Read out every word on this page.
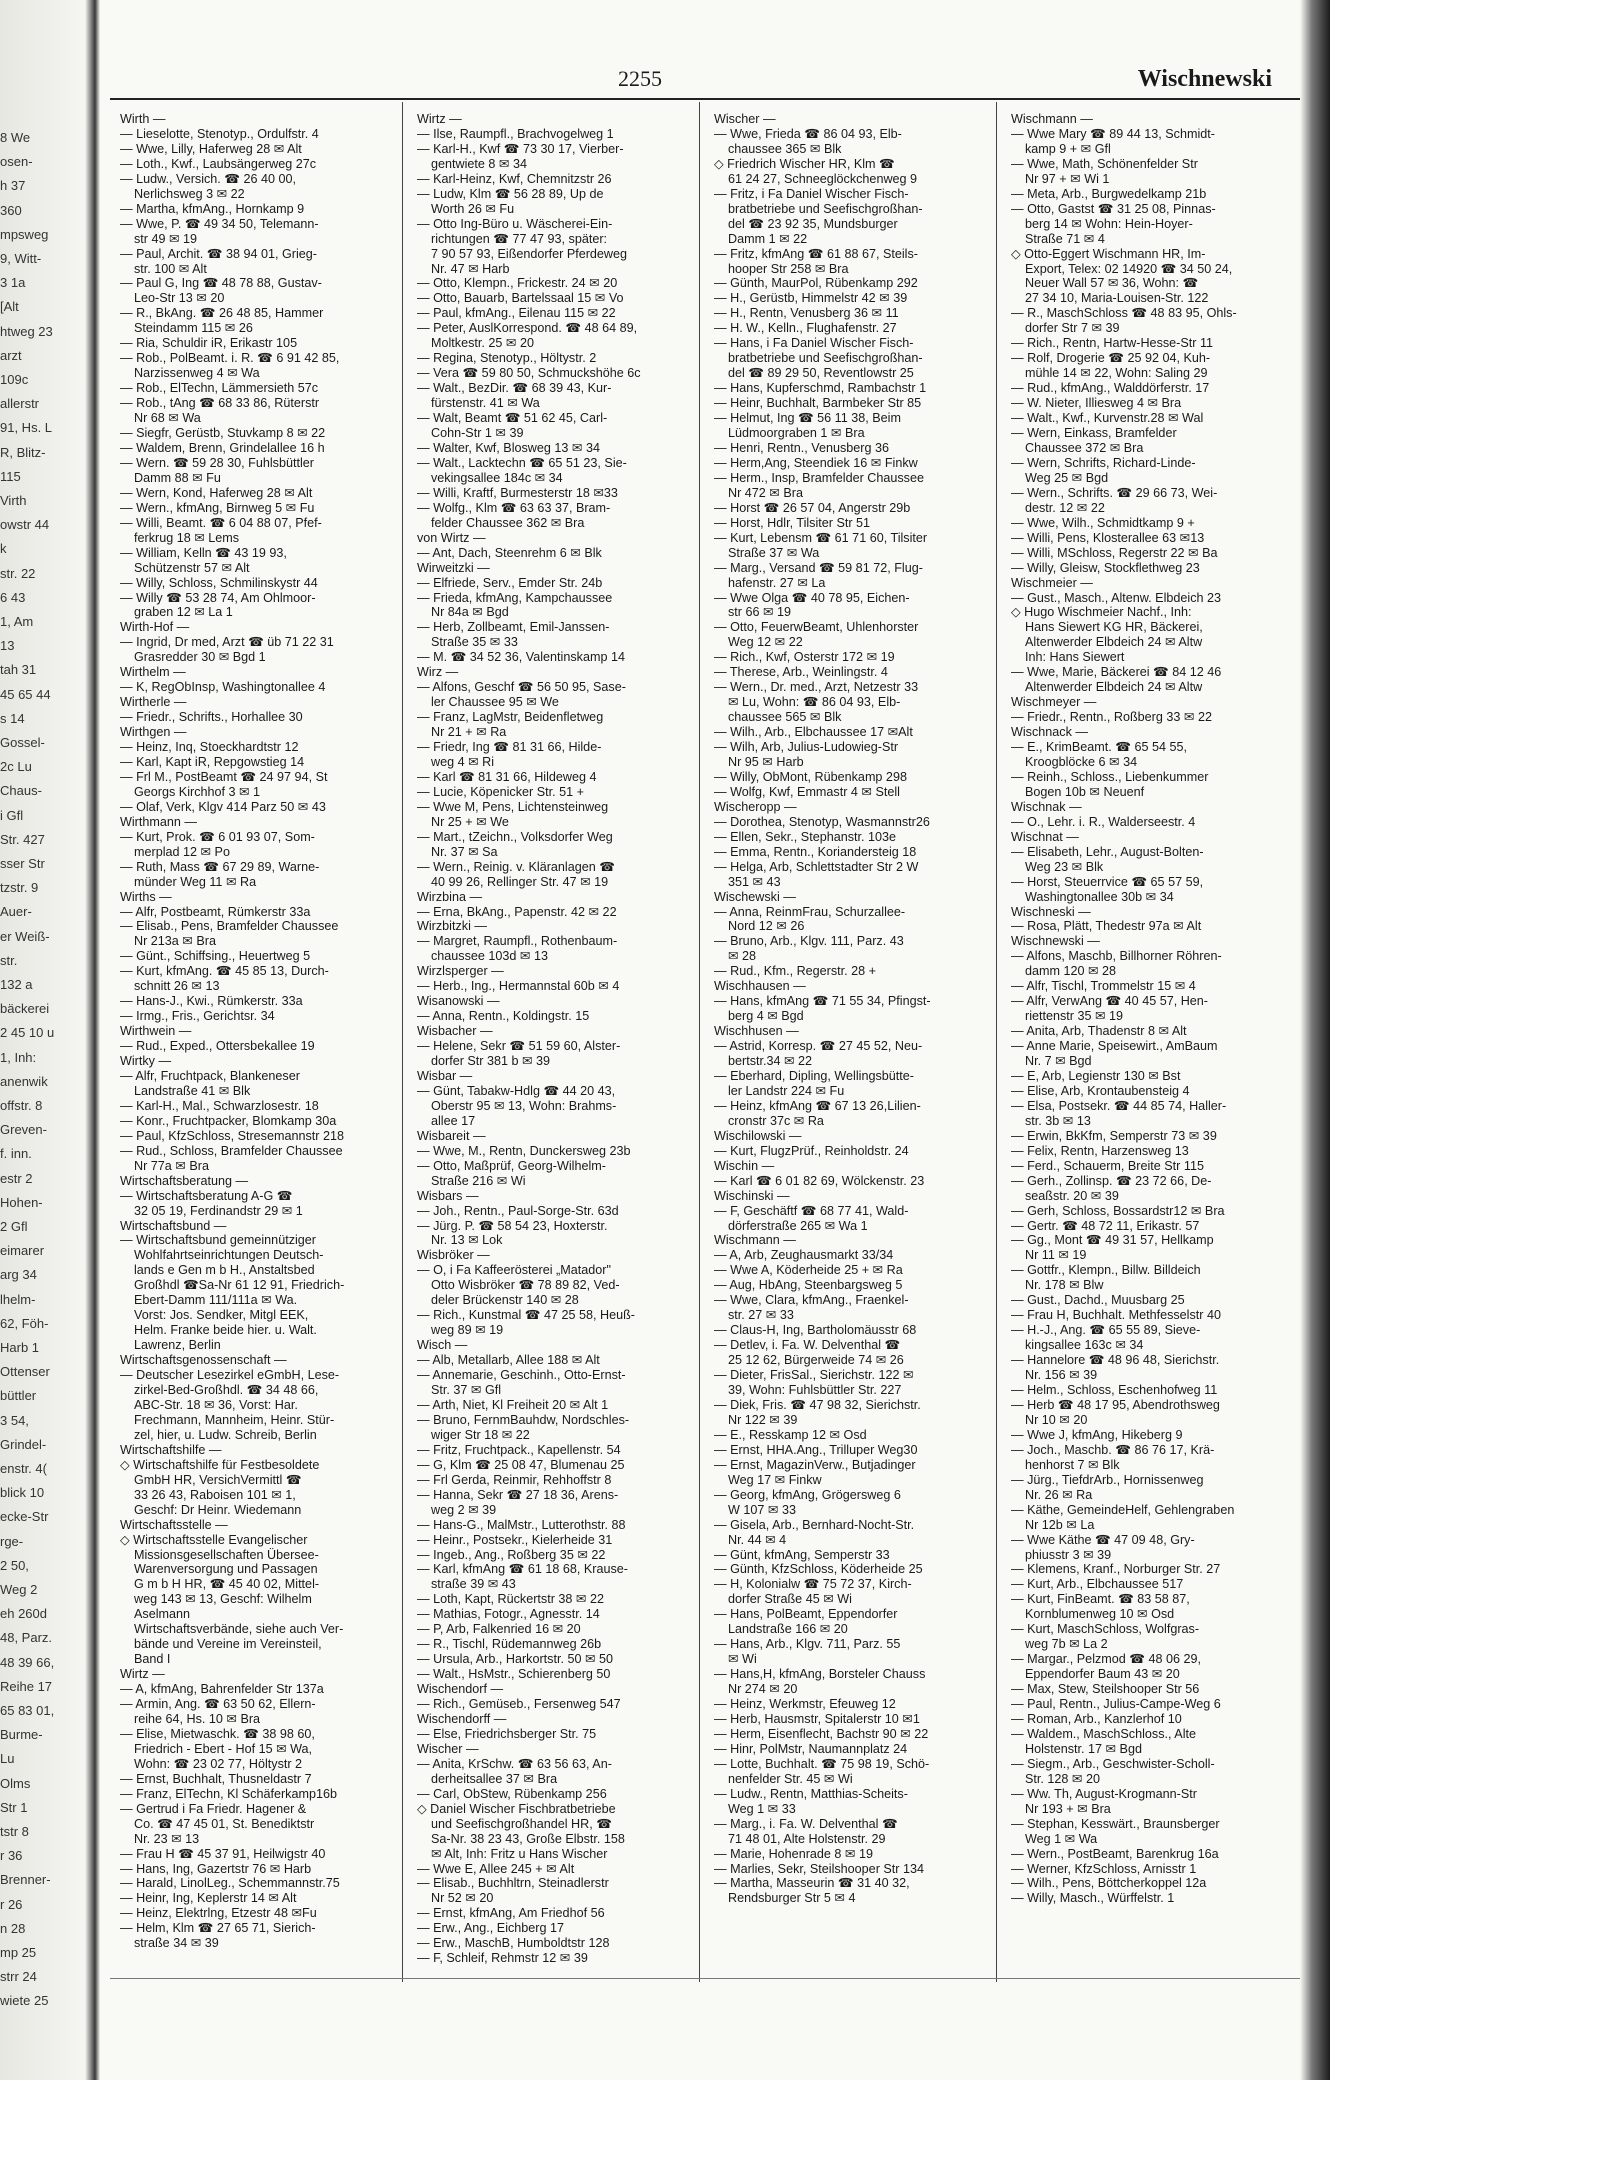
8 We
osen-
h 37
360
mpsweg
9, Witt-
3 1a
[Alt
htweg 23
arzt
109c
allerstr
91, Hs. L
R, Blitz-
115
Virth
owstr 44
k
str. 22
6 43
1, Am
13
tah 31
45 65 44
s 14
Gossel-
2c Lu
Chaus-
i Gfl
Str. 427
sser Str
tzstr. 9
Auer-
er Weiß-
str.
132 a
bäckerei
2 45 10 u
1, Inh:
anenwik
offstr. 8
Greven-
f. inn.
estr 2
Hohen-
2 Gfl
eimarer
arg 34
lhelm-
62, Föh-
Harb 1
Ottenser
büttler
3 54,
Grindel-
enstr. 4(
blick 10
ecke-Str
rge-
2 50,
Weg 2
eh 260d
48, Parz.
48 39 66,
Reihe 17
65 83 01,
Burme-
Lu
Olms
Str 1
tstr 8
r 36
Brenner-
r 26
n 28
mp 25
strr 24
wiete 25
2255	Wischnewski
Wirth —
— Lieselotte, Stenotyp., Ordulfstr. 4
— Wwe, Lilly, Haferweg 28 ✉ Alt
— Loth., Kwf., Laubsängerweg 27c
— Ludw., Versich. ☎ 26 40 00,
Nerlichsweg 3 ✉ 22
— Martha, kfmAng., Hornkamp 9
— Wwe, P. ☎ 49 34 50, Telemann-
str 49 ✉ 19
— Paul, Archit. ☎ 38 94 01, Grieg-
str. 100 ✉ Alt
— Paul G, Ing ☎ 48 78 88, Gustav-
Leo-Str 13 ✉ 20
— R., BkAng. ☎ 26 48 85, Hammer
Steindamm 115 ✉ 26
— Ria, Schuldir iR, Erikastr 105
— Rob., PolBeamt. i. R. ☎ 6 91 42 85,
Narzissenweg 4 ✉ Wa
— Rob., ElTechn, Lämmersieth 57c
— Rob., tAng ☎ 68 33 86, Rüterstr
Nr 68 ✉ Wa
— Siegfr, Gerüstb, Stuvkamp 8 ✉ 22
— Waldem, Brenn, Grindelallee 16 h
— Wern. ☎ 59 28 30, Fuhlsbüttler
Damm 88 ✉ Fu
— Wern, Kond, Haferweg 28 ✉ Alt
— Wern., kfmAng, Birnweg 5 ✉ Fu
— Willi, Beamt. ☎ 6 04 88 07, Pfef-
ferkrug 18 ✉ Lems
— William, Kelln ☎ 43 19 93,
Schützenstr 57 ✉ Alt
— Willy, Schloss, Schmilinskystr 44
— Willy ☎ 53 28 74, Am Ohlmoor-
graben 12 ✉ La 1
Wirth-Hof —
— Ingrid, Dr med, Arzt ☎ üb 71 22 31
Grasredder 30 ✉ Bgd 1
Wirthelm —
— K, RegObInsp, Washingtonallee 4
Wirtherle —
— Friedr., Schrifts., Horhallee 30
Wirthgen —
— Heinz, Inq, Stoeckhardtstr 12
— Karl, Kapt iR, Repgowstieg 14
— Frl M., PostBeamt ☎ 24 97 94, St
Georgs Kirchhof 3 ✉ 1
— Olaf, Verk, Klgv 414 Parz 50 ✉ 43
Wirthmann —
— Kurt, Prok. ☎ 6 01 93 07, Som-
merplad 12 ✉ Po
— Ruth, Mass ☎ 67 29 89, Warne-
münder Weg 11 ✉ Ra
Wirths —
— Alfr, Postbeamt, Rümkerstr 33a
— Elisab., Pens, Bramfelder Chaussee
Nr 213a ✉ Bra
— Günt., Schiffsing., Heuertweg 5
— Kurt, kfmAng. ☎ 45 85 13, Durch-
schnitt 26 ✉ 13
— Hans-J., Kwi., Rümkerstr. 33a
— Irmg., Fris., Gerichtsr. 34
Wirthwein —
— Rud., Exped., Ottersbekallee 19
Wirtky —
— Alfr, Fruchtpack, Blankeneser
Landstraße 41 ✉ Blk
— Karl-H., Mal., Schwarzlosestr. 18
— Konr., Fruchtpacker, Blomkamp 30a
— Paul, KfzSchloss, Stresemannstr 218
— Rud., Schloss, Bramfelder Chaussee
Nr 77a ✉ Bra
Wirtschaftsberatung —
— Wirtschaftsberatung A-G ☎
32 05 19, Ferdinandstr 29 ✉ 1
Wirtschaftsbund —
— Wirtschaftsbund gemeinnütziger
Wohlfahrtseinrichtungen Deutsch-
lands e Gen m b H., Anstaltsbed
Großhdl ☎Sa-Nr 61 12 91, Friedrich-
Ebert-Damm 111/111a ✉ Wa.
Vorst: Jos. Sendker, Mitgl EEK,
Helm. Franke beide hier. u. Walt.
Lawrenz, Berlin
Wirtschaftsgenossenschaft —
— Deutscher Lesezirkel eGmbH, Lese-
zirkel-Bed-Großhdl. ☎ 34 48 66,
ABC-Str. 18 ✉ 36, Vorst: Har.
Frechmann, Mannheim, Heinr. Stür-
zel, hier, u. Ludw. Schreib, Berlin
Wirtschaftshilfe —
◇ Wirtschaftshilfe für Festbesoldete
GmbH HR, VersichVermittl ☎
33 26 43, Raboisen 101 ✉ 1,
Geschf: Dr Heinr. Wiedemann
Wirtschaftsstelle —
◇ Wirtschaftsstelle Evangelischer
Missionsgesellschaften Übersee-
Warenversorgung und Passagen
G m b H HR, ☎ 45 40 02, Mittel-
weg 143 ✉ 13, Geschf: Wilhelm
Aselmann
Wirtschaftsverbände, siehe auch Ver-
bände und Vereine im Vereinsteil,
Band I
Wirtz —
— A, kfmAng, Bahrenfelder Str 137a
— Armin, Ang. ☎ 63 50 62, Ellern-
reihe 64, Hs. 10 ✉ Bra
— Elise, Mietwaschk. ☎ 38 98 60,
Friedrich - Ebert - Hof 15 ✉ Wa,
Wohn: ☎ 23 02 77, Höltystr 2
— Ernst, Buchhalt, Thusneldastr 7
— Franz, ElTechn, Kl Schäferkamp16b
— Gertrud i Fa Friedr. Hagener &
Co. ☎ 47 45 01, St. Benediktstr
Nr. 23 ✉ 13
— Frau H ☎ 45 37 91, Heilwigstr 40
— Hans, Ing, Gazertstr 76 ✉ Harb
— Harald, LinolLeg., Schemmannstr.75
— Heinr, Ing, Keplerstr 14 ✉ Alt
— Heinz, Elektrlng, Etzestr 48 ✉Fu
— Helm, Klm ☎ 27 65 71, Sierich-
straße 34 ✉ 39
Wirtz —
— Ilse, Raumpfl., Brachvogelweg 1
— Karl-H., Kwf ☎ 73 30 17, Vierber-
gentwiete 8 ✉ 34
— Karl-Heinz, Kwf, Chemnitzstr 26
— Ludw, Klm ☎ 56 28 89, Up de
Worth 26 ✉ Fu
— Otto Ing-Büro u. Wäscherei-Ein-
richtungen ☎ 77 47 93, später:
7 90 57 93, Eißendorfer Pferdeweg
Nr. 47 ✉ Harb
— Otto, Klempn., Frickestr. 24 ✉ 20
— Otto, Bauarb, Bartelssaal 15 ✉ Vo
— Paul, kfmAng., Eilenau 115 ✉ 22
— Peter, AuslKorrespond. ☎ 48 64 89,
Moltkestr. 25 ✉ 20
— Regina, Stenotyp., Höltystr. 2
— Vera ☎ 59 80 50, Schmuckshöhe 6c
— Walt., BezDir. ☎ 68 39 43, Kur-
fürstenstr. 41 ✉ Wa
— Walt, Beamt ☎ 51 62 45, Carl-
Cohn-Str 1 ✉ 39
— Walter, Kwf, Blosweg 13 ✉ 34
— Walt., Lacktechn ☎ 65 51 23, Sie-
vekingsallee 184c ✉ 34
— Willi, Kraftf, Burmesterstr 18 ✉33
— Wolfg., Klm ☎ 63 63 37, Bram-
felder Chaussee 362 ✉ Bra
von Wirtz —
— Ant, Dach, Steenrehm 6 ✉ Blk
Wirweitzki —
— Elfriede, Serv., Emder Str. 24b
— Frieda, kfmAng, Kampchaussee
Nr 84a ✉ Bgd
— Herb, Zollbeamt, Emil-Janssen-
Straße 35 ✉ 33
— M. ☎ 34 52 36, Valentinskamp 14
Wirz —
— Alfons, Geschf ☎ 56 50 95, Sase-
ler Chaussee 95 ✉ We
— Franz, LagMstr, Beidenfletweg
Nr 21 + ✉ Ra
— Friedr, Ing ☎ 81 31 66, Hilde-
weg 4 ✉ Ri
— Karl ☎ 81 31 66, Hildeweg 4
— Lucie, Köpenicker Str. 51 +
— Wwe M, Pens, Lichtensteinweg
Nr 25 + ✉ We
— Mart., tZeichn., Volksdorfer Weg
Nr. 37 ✉ Sa
— Wern., Reinig. v. Kläranlagen ☎
40 99 26, Rellinger Str. 47 ✉ 19
Wirzbina —
— Erna, BkAng., Papenstr. 42 ✉ 22
Wirzbitzki —
— Margret, Raumpfl., Rothenbaum-
chaussee 103d ✉ 13
Wirzlsperger —
— Herb., Ing., Hermannstal 60b ✉ 4
Wisanowski —
— Anna, Rentn., Koldingstr. 15
Wisbacher —
— Helene, Sekr ☎ 51 59 60, Alster-
dorfer Str 381 b ✉ 39
Wisbar —
— Günt, Tabakw-Hdlg ☎ 44 20 43,
Oberstr 95 ✉ 13, Wohn: Brahms-
allee 17
Wisbareit —
— Wwe, M., Rentn, Dunckersweg 23b
— Otto, Maßprüf, Georg-Wilhelm-
Straße 216 ✉ Wi
Wisbars —
— Joh., Rentn., Paul-Sorge-Str. 63d
— Jürg. P. ☎ 58 54 23, Hoxterstr.
Nr. 13 ✉ Lok
Wisbröker —
— O, i Fa Kaffeerösterei „Matador"
Otto Wisbröker ☎ 78 89 82, Ved-
deler Brückenstr 140 ✉ 28
— Rich., Kunstmal ☎ 47 25 58, Heuß-
weg 89 ✉ 19
Wisch —
— Alb, Metallarb, Allee 188 ✉ Alt
— Annemarie, Geschinh., Otto-Ernst-
Str. 37 ✉ Gfl
— Arth, Niet, Kl Freiheit 20 ✉ Alt 1
— Bruno, FernmBauhdw, Nordschles-
wiger Str 18 ✉ 22
— Fritz, Fruchtpack., Kapellenstr. 54
— G, Klm ☎ 25 08 47, Blumenau 25
— Frl Gerda, Reinmir, Rehhoffstr 8
— Hanna, Sekr ☎ 27 18 36, Arens-
weg 2 ✉ 39
— Hans-G., MalMstr., Lutterothstr. 88
— Heinr., Postsekr., Kielerheide 31
— Ingeb., Ang., Roßberg 35 ✉ 22
— Karl, kfmAng ☎ 61 18 68, Krause-
straße 39 ✉ 43
— Loth, Kapt, Rückertstr 38 ✉ 22
— Mathias, Fotogr., Agnesstr. 14
— P, Arb, Falkenried 16 ✉ 20
— R., Tischl, Rüdemannweg 26b
— Ursula, Arb., Harkortstr. 50 ✉ 50
— Walt., HsMstr., Schierenberg 50
Wischendorf —
— Rich., Gemüseb., Fersenweg 547
Wischendorff —
— Else, Friedrichsberger Str. 75
Wischer —
— Anita, KrSchw. ☎ 63 56 63, An-
derheitsallee 37 ✉ Bra
— Carl, ObStew, Rübenkamp 256
◇ Daniel Wischer Fischbratbetriebe
und Seefischgroßhandel HR, ☎
Sa-Nr. 38 23 43, Große Elbstr. 158
✉ Alt, Inh: Fritz u Hans Wischer
— Wwe E, Allee 245 + ✉ Alt
— Elisab., Buchhltrn, Steinadlerstr
Nr 52 ✉ 20
— Ernst, kfmAng, Am Friedhof 56
— Erw., Ang., Eichberg 17
— Erw., MaschB, Humboldtstr 128
— F, Schleif, Rehmstr 12 ✉ 39
Wischer —
— Wwe, Frieda ☎ 86 04 93, Elb-
chaussee 365 ✉ Blk
◇ Friedrich Wischer HR, Klm ☎
61 24 27, Schneeglöckchenweg 9
— Fritz, i Fa Daniel Wischer Fisch-
bratbetriebe und Seefischgroßhan-
del ☎ 23 92 35, Mundsburger
Damm 1 ✉ 22
— Fritz, kfmAng ☎ 61 88 67, Steils-
hooper Str 258 ✉ Bra
— Günth, MaurPol, Rübenkamp 292
— H., Gerüstb, Himmelstr 42 ✉ 39
— H., Rentn, Venusberg 36 ✉ 11
— H. W., Kelln., Flughafenstr. 27
— Hans, i Fa Daniel Wischer Fisch-
bratbetriebe und Seefischgroßhan-
del ☎ 89 29 50, Reventlowstr 25
— Hans, Kupferschmd, Rambachstr 1
— Heinr, Buchhalt, Barmbeker Str 85
— Helmut, Ing ☎ 56 11 38, Beim
Lüdmoorgraben 1 ✉ Bra
— Henri, Rentn., Venusberg 36
— Herm,Ang, Steendiek 16 ✉ Finkw
— Herm., Insp, Bramfelder Chaussee
Nr 472 ✉ Bra
— Horst ☎ 26 57 04, Angerstr 29b
— Horst, Hdlr, Tilsiter Str 51
— Kurt, Lebensm ☎ 61 71 60, Tilsiter
Straße 37 ✉ Wa
— Marg., Versand ☎ 59 81 72, Flug-
hafenstr. 27 ✉ La
— Wwe Olga ☎ 40 78 95, Eichen-
str 66 ✉ 19
— Otto, FeuerwBeamt, Uhlenhorster
Weg 12 ✉ 22
— Rich., Kwf, Osterstr 172 ✉ 19
— Therese, Arb., Weinlingstr. 4
— Wern., Dr. med., Arzt, Netzestr 33
✉ Lu, Wohn: ☎ 86 04 93, Elb-
chaussee 565 ✉ Blk
— Wilh., Arb., Elbchaussee 17 ✉Alt
— Wilh, Arb, Julius-Ludowieg-Str
Nr 95 ✉ Harb
— Willy, ObMont, Rübenkamp 298
— Wolfg, Kwf, Emmastr 4 ✉ Stell
Wischeropp —
— Dorothea, Stenotyp, Wasmannstr26
— Ellen, Sekr., Stephanstr. 103e
— Emma, Rentn., Koriandersteig 18
— Helga, Arb, Schlettstadter Str 2 W
351 ✉ 43
Wischewski —
— Anna, ReinmFrau, Schurzallee-
Nord 12 ✉ 26
— Bruno, Arb., Klgv. 111, Parz. 43
✉ 28
— Rud., Kfm., Regerstr. 28 +
Wischhausen —
— Hans, kfmAng ☎ 71 55 34, Pfingst-
berg 4 ✉ Bgd
Wischhusen —
— Astrid, Korresp. ☎ 27 45 52, Neu-
bertstr.34 ✉ 22
— Eberhard, Dipling, Wellingsbütte-
ler Landstr 224 ✉ Fu
— Heinz, kfmAng ☎ 67 13 26,Lilien-
cronstr 37c ✉ Ra
Wischilowski —
— Kurt, FlugzPrüf., Reinholdstr. 24
Wischin —
— Karl ☎ 6 01 82 69, Wölckenstr. 23
Wischinski —
— F, Geschäftf ☎ 68 77 41, Wald-
dörferstraße 265 ✉ Wa 1
Wischmann —
— A, Arb, Zeughausmarkt 33/34
— Wwe A, Köderheide 25 + ✉ Ra
— Aug, HbAng, Steenbargsweg 5
— Wwe, Clara, kfmAng., Fraenkel-
str. 27 ✉ 33
— Claus-H, Ing, Bartholomäusstr 68
— Detlev, i. Fa. W. Delventhal ☎
25 12 62, Bürgerweide 74 ✉ 26
— Dieter, FrisSal., Sierichstr. 122 ✉
39, Wohn: Fuhlsbüttler Str. 227
— Diek, Fris. ☎ 47 98 32, Sierichstr.
Nr 122 ✉ 39
— E., Resskamp 12 ✉ Osd
— Ernst, HHA.Ang., Trilluper Weg30
— Ernst, MagazinVerw., Butjadinger
Weg 17 ✉ Finkw
— Georg, kfmAng, Grögersweg 6
W 107 ✉ 33
— Gisela, Arb., Bernhard-Nocht-Str.
Nr. 44 ✉ 4
— Günt, kfmAng, Semperstr 33
— Günth, KfzSchloss, Köderheide 25
— H, Kolonialw ☎ 75 72 37, Kirch-
dorfer Straße 45 ✉ Wi
— Hans, PolBeamt, Eppendorfer
Landstraße 166 ✉ 20
— Hans, Arb., Klgv. 711, Parz. 55
✉ Wi
— Hans,H, kfmAng, Borsteler Chauss
Nr 274 ✉ 20
— Heinz, Werkmstr, Efeuweg 12
— Herb, Hausmstr, Spitalerstr 10 ✉1
— Herm, Eisenflecht, Bachstr 90 ✉ 22
— Hinr, PolMstr, Naumannplatz 24
— Lotte, Buchhalt. ☎ 75 98 19, Schö-
nenfelder Str. 45 ✉ Wi
— Ludw., Rentn, Matthias-Scheits-
Weg 1 ✉ 33
— Marg., i. Fa. W. Delventhal ☎
71 48 01, Alte Holstenstr. 29
— Marie, Hohenrade 8 ✉ 19
— Marlies, Sekr, Steilshooper Str 134
— Martha, Masseurin ☎ 31 40 32,
Rendsburger Str 5 ✉ 4
Wischmann —
— Wwe Mary ☎ 89 44 13, Schmidt-
kamp 9 + ✉ Gfl
— Wwe, Math, Schönenfelder Str
Nr 97 + ✉ Wi 1
— Meta, Arb., Burgwedelkamp 21b
— Otto, Gastst ☎ 31 25 08, Pinnas-
berg 14 ✉ Wohn: Hein-Hoyer-
Straße 71 ✉ 4
◇ Otto-Eggert Wischmann HR, Im-
Export, Telex: 02 14920 ☎ 34 50 24,
Neuer Wall 57 ✉ 36, Wohn: ☎
27 34 10, Maria-Louisen-Str. 122
— R., MaschSchloss ☎ 48 83 95, Ohls-
dorfer Str 7 ✉ 39
— Rich., Rentn, Hartw-Hesse-Str 11
— Rolf, Drogerie ☎ 25 92 04, Kuh-
mühle 14 ✉ 22, Wohn: Saling 29
— Rud., kfmAng., Walddörferstr. 17
— W. Nieter, Illiesweg 4 ✉ Bra
— Walt., Kwf., Kurvenstr.28 ✉ Wal
— Wern, Einkass, Bramfelder
Chaussee 372 ✉ Bra
— Wern, Schrifts, Richard-Linde-
Weg 25 ✉ Bgd
— Wern., Schrifts. ☎ 29 66 73, Wei-
destr. 12 ✉ 22
— Wwe, Wilh., Schmidtkamp 9 +
— Willi, Pens, Klosterallee 63 ✉13
— Willi, MSchloss, Regerstr 22 ✉ Ba
— Willy, Gleisw, Stockflethweg 23
Wischmeier —
— Gust., Masch., Altenw. Elbdeich 23
◇ Hugo Wischmeier Nachf., Inh:
Hans Siewert KG HR, Bäckerei,
Altenwerder Elbdeich 24 ✉ Altw
Inh: Hans Siewert
— Wwe, Marie, Bäckerei ☎ 84 12 46
Altenwerder Elbdeich 24 ✉ Altw
Wischmeyer —
— Friedr., Rentn., Roßberg 33 ✉ 22
Wischnack —
— E., KrimBeamt. ☎ 65 54 55,
Kroogblöcke 6 ✉ 34
— Reinh., Schloss., Liebenkummer
Bogen 10b ✉ Neuenf
Wischnak —
— O., Lehr. i. R., Walderseestr. 4
Wischnat —
— Elisabeth, Lehr., August-Bolten-
Weg 23 ✉ Blk
— Horst, Steuerrvice ☎ 65 57 59,
Washingtonallee 30b ✉ 34
Wischneski —
— Rosa, Plätt, Thedestr 97a ✉ Alt
Wischnewski —
— Alfons, Maschb, Billhorner Röhren-
damm 120 ✉ 28
— Alfr, Tischl, Trommelstr 15 ✉ 4
— Alfr, VerwAng ☎ 40 45 57, Hen-
riettenstr 35 ✉ 19
— Anita, Arb, Thadenstr 8 ✉ Alt
— Anne Marie, Speisewirt., AmBaum
Nr. 7 ✉ Bgd
— E, Arb, Legienstr 130 ✉ Bst
— Elise, Arb, Krontaubensteig 4
— Elsa, Postsekr. ☎ 44 85 74, Haller-
str. 3b ✉ 13
— Erwin, BkKfm, Semperstr 73 ✉ 39
— Felix, Rentn, Harzensweg 13
— Ferd., Schauerm, Breite Str 115
— Gerh., Zollinsp. ☎ 23 72 66, De-
seaßstr. 20 ✉ 39
— Gerh, Schloss, Bossardstr12 ✉ Bra
— Gertr. ☎ 48 72 11, Erikastr. 57
— Gg., Mont ☎ 49 31 57, Hellkamp
Nr 11 ✉ 19
— Gottfr., Klempn., Billw. Billdeich
Nr. 178 ✉ Blw
— Gust., Dachd., Muusbarg 25
— Frau H, Buchhalt. Methfesselstr 40
— H.-J., Ang. ☎ 65 55 89, Sieve-
kingsallee 163c ✉ 34
— Hannelore ☎ 48 96 48, Sierichstr.
Nr. 156 ✉ 39
— Helm., Schloss, Eschenhofweg 11
— Herb ☎ 48 17 95, Abendrothsweg
Nr 10 ✉ 20
— Wwe J, kfmAng, Hikeberg 9
— Joch., Maschb. ☎ 86 76 17, Krä-
henhorst 7 ✉ Blk
— Jürg., TiefdrArb., Hornissenweg
Nr. 26 ✉ Ra
— Käthe, GemeindeHelf, Gehlengraben
Nr 12b ✉ La
— Wwe Käthe ☎ 47 09 48, Gry-
phiusstr 3 ✉ 39
— Klemens, Kranf., Norburger Str. 27
— Kurt, Arb., Elbchaussee 517
— Kurt, FinBeamt. ☎ 83 58 87,
Kornblumenweg 10 ✉ Osd
— Kurt, MaschSchloss, Wolfgras-
weg 7b ✉ La 2
— Margar., Pelzmod ☎ 48 06 29,
Eppendorfer Baum 43 ✉ 20
— Max, Stew, Steilshooper Str 56
— Paul, Rentn., Julius-Campe-Weg 6
— Roman, Arb., Kanzlerhof 10
— Waldem., MaschSchloss., Alte
Holstenstr. 17 ✉ Bgd
— Siegm., Arb., Geschwister-Scholl-
Str. 128 ✉ 20
— Ww. Th, August-Krogmann-Str
Nr 193 + ✉ Bra
— Stephan, Kesswärt., Braunsberger
Weg 1 ✉ Wa
— Wern., PostBeamt, Barenkrug 16a
— Werner, KfzSchloss, Arnisstr 1
— Wilh., Pens, Böttcherkoppel 12a
— Willy, Masch., Würffelstr. 1
